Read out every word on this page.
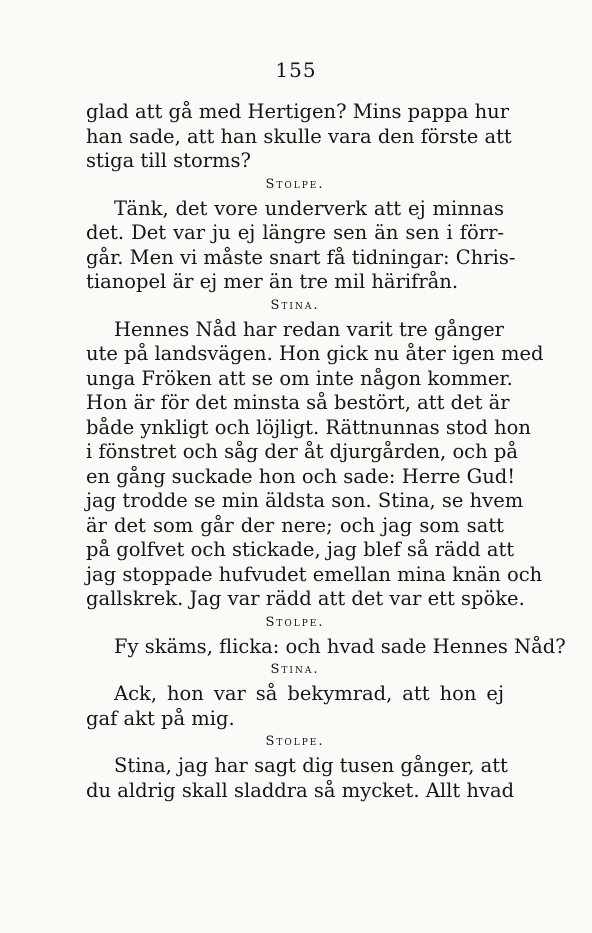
155
glad att gå med Hertigen? Mins pappa hur
han sade, att han skulle vara den förste att
stiga till storms?
Stolpe.
Tänk, det vore underverk att ej minnas
det. Det var ju ej längre sen än sen i förr-
går. Men vi måste snart få tidningar: Chris-
tianopel är ej mer än tre mil härifrån.
Stina.
Hennes Nåd har redan varit tre gånger
ute på landsvägen. Hon gick nu åter igen med
unga Fröken att se om inte någon kommer.
Hon är för det minsta så bestört, att det är
både ynkligt och löjligt. Rättnunnas stod hon
i fönstret och såg der åt djurgården, och på
en gång suckade hon och sade: Herre Gud!
jag trodde se min äldsta son. Stina, se hvem
är det som går der nere; och jag som satt
på golfvet och stickade, jag blef så rädd att
jag stoppade hufvudet emellan mina knän och
gallskrek. Jag var rädd att det var ett spöke.
Stolpe.
Fy skäms, flicka: och hvad sade Hennes Nåd?
Stina.
Ack, hon var så bekymrad, att hon ej
gaf akt på mig.
Stolpe.
Stina, jag har sagt dig tusen gånger, att
du aldrig skall sladdra så mycket. Allt hvad
